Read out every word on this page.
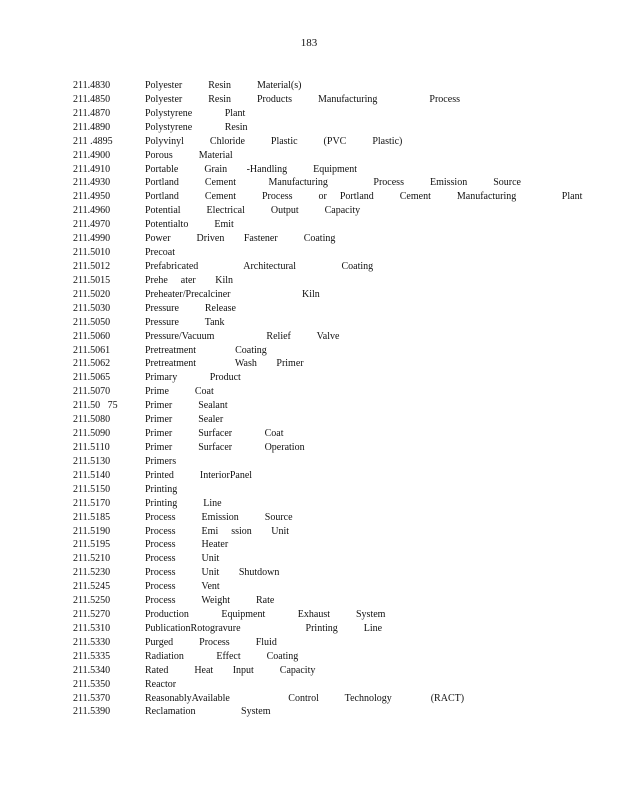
183
211.4830	Polyester    Resin    Material(s)
211.4850	Polyester    Resin    Products    Manufacturing        Process
211.4870	Polystyrene     Plant
211.4890	Polystyrene     Resin
211 .4895	Polyvinyl    Chloride    Plastic    (PVC    Plastic)
211.4900	Porous    Material
211.4910	Portable    Grain   -Handling    Equipment
211.4930	Portland    Cement     Manufacturing       Process    Emission    Source
211.4950	Portland    Cement    Process    or  Portland    Cement    Manufacturing       Plant
211.4960	Potential    Electrical    Output    Capacity
211.4970	Potentialto    Emit
211.4990	Power    Driven   Fastener    Coating
211.5010	Precoat
211.5012	Prefabricated       Architectural       Coating
211.5015	Prehe  ater   Kiln
211.5020	Preheater/Precalciner           Kiln
211.5030	Pressure    Release
211.5050	Pressure    Tank
211.5060	Pressure/Vacuum        Relief    Valve
211.5061	Pretreatment      Coating
211.5062	Pretreatment      Wash   Primer
211.5065	Primary     Product
211.5070	Prime    Coat
211.50   75	Primer    Sealant
211.5080	Primer    Sealer
211.5090	Primer    Surfacer     Coat
211.5110	Primer    Surfacer     Operation
211.5130	Primers
211.5140	Printed    InteriorPanel
211.5150	Printing
211.5170	Printing    Line
211.5185	Process    Emission    Source
211.5190	Process    Emi  ssion   Unit
211.5195	Process    Heater
211.5210	Process    Unit
211.5230	Process    Unit   Shutdown
211.5245	Process    Vent
211.5250	Process    Weight    Rate
211.5270	Production     Equipment     Exhaust    System
211.5310	PublicationRotogravure          Printing    Line
211.5330	Purged    Process    Fluid
211.5335	Radiation     Effect    Coating
211.5340	Rated    Heat   Input    Capacity
211.5350	Reactor
211.5370	ReasonablyAvailable         Control    Technology      (RACT)
211.5390	Reclamation       System
